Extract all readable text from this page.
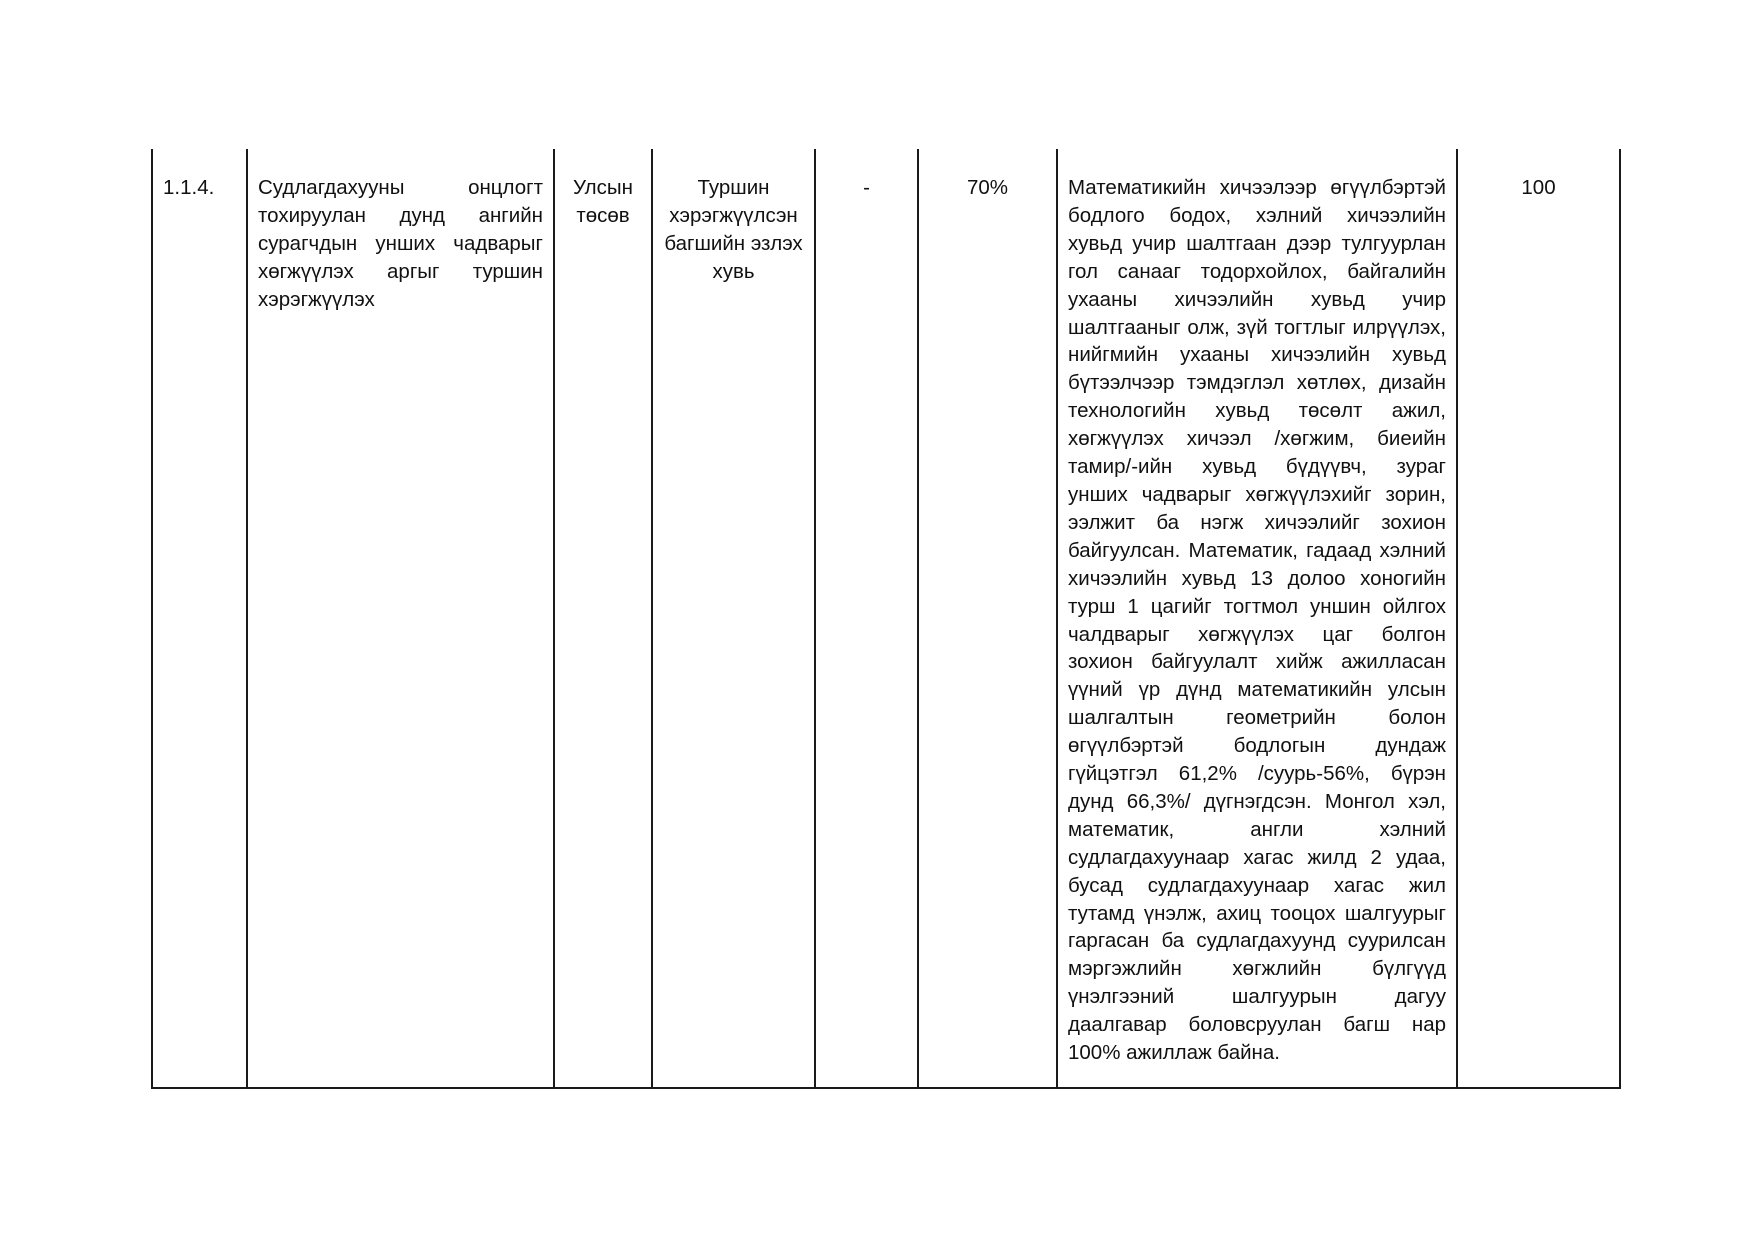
1.1.4.	Судлагдахууны онцлогт тохируулан дунд ангийн сурагчдын унших чадварыг хөгжүүлэх аргыг туршин хэрэгжүүлэх	Улсын төсөв	Туршин хэрэгжүүлсэн багшийн эзлэх хувь	-	70%	Математикийн хичээлээр өгүүлбэртэй
бодлого бодох, хэлний хичээлийн
хувьд учир шалтгаан дээр тулгуурлан
гол санааг тодорхойлох, байгалийн
ухааны хичээлийн хувьд учир
шалтгааныг олж, зүй тогтлыг илрүүлэх,
нийгмийн ухааны хичээлийн хувьд
бүтээлчээр тэмдэглэл хөтлөх, дизайн
технологийн хувьд төсөлт ажил,
хөгжүүлэх хичээл /хөгжим, биеийн
тамир/-ийн хувьд бүдүүвч, зураг
унших чадварыг хөгжүүлэхийг зорин,
ээлжит ба нэгж хичээлийг зохион
байгуулсан. Математик, гадаад хэлний
хичээлийн хувьд 13 долоо хоногийн
турш 1 цагийг тогтмол уншин ойлгох
чалдварыг хөгжүүлэх цаг болгон
зохион байгуулалт хийж ажилласан
үүний үр дүнд математикийн улсын
шалгалтын геометрийн болон
өгүүлбэртэй бодлогын дундаж
гүйцэтгэл 61,2% /суурь-56%, бүрэн
дунд 66,3%/ дүгнэгдсэн. Монгол хэл,
математик, англи хэлний
судлагдахуунаар хагас жилд 2 удаа,
бусад судлагдахуунаар хагас жил
тутамд үнэлж, ахиц тооцох шалгуурыг
гаргасан ба судлагдахуунд суурилсан
мэргэжлийн хөгжлийн бүлгүүд
үнэлгээний шалгуурын дагуу
даалгавар боловсруулан багш нар
100% ажиллаж байна.
	100
